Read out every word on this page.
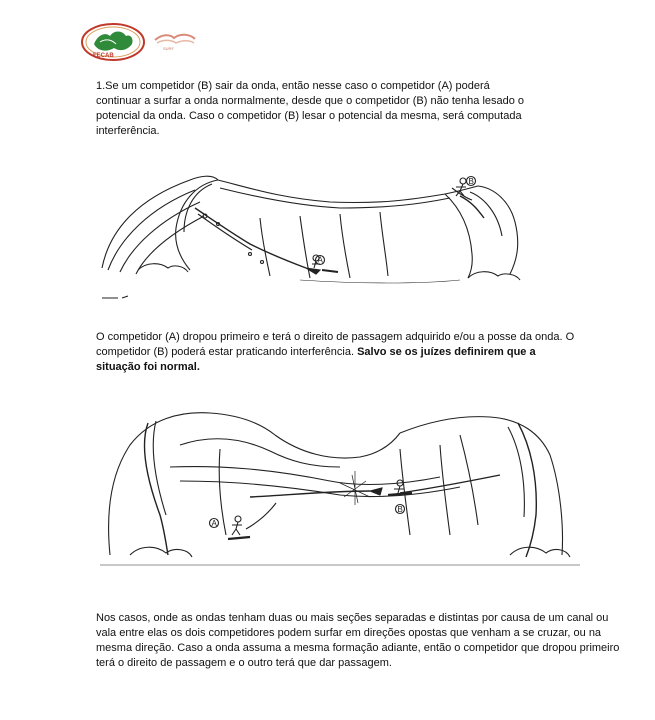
FECAB
SURF

1.Se um competidor (B) sair da onda, então nesse caso o competidor (A) poderá continuar a surfar a onda normalmente, desde que o competidor (B) não tenha lesado o potencial da onda. Caso o competidor (B) lesar o potencial da mesma, será computada interferência.

A
B

O competidor (A) dropou primeiro e terá o direito de passagem adquirido e/ou a posse da onda. O competidor (B) poderá estar praticando interferência. Salvo se os juízes definirem que a situação foi normal.

B
A

Nos casos, onde as ondas tenham duas ou mais seções separadas e distintas por causa de um canal ou vala entre elas os dois competidores podem surfar em direções opostas que venham a se cruzar, ou na mesma direção. Caso a onda assuma a mesma formação adiante, então o competidor que dropou primeiro terá o direito de passagem e o outro terá que dar passagem.
